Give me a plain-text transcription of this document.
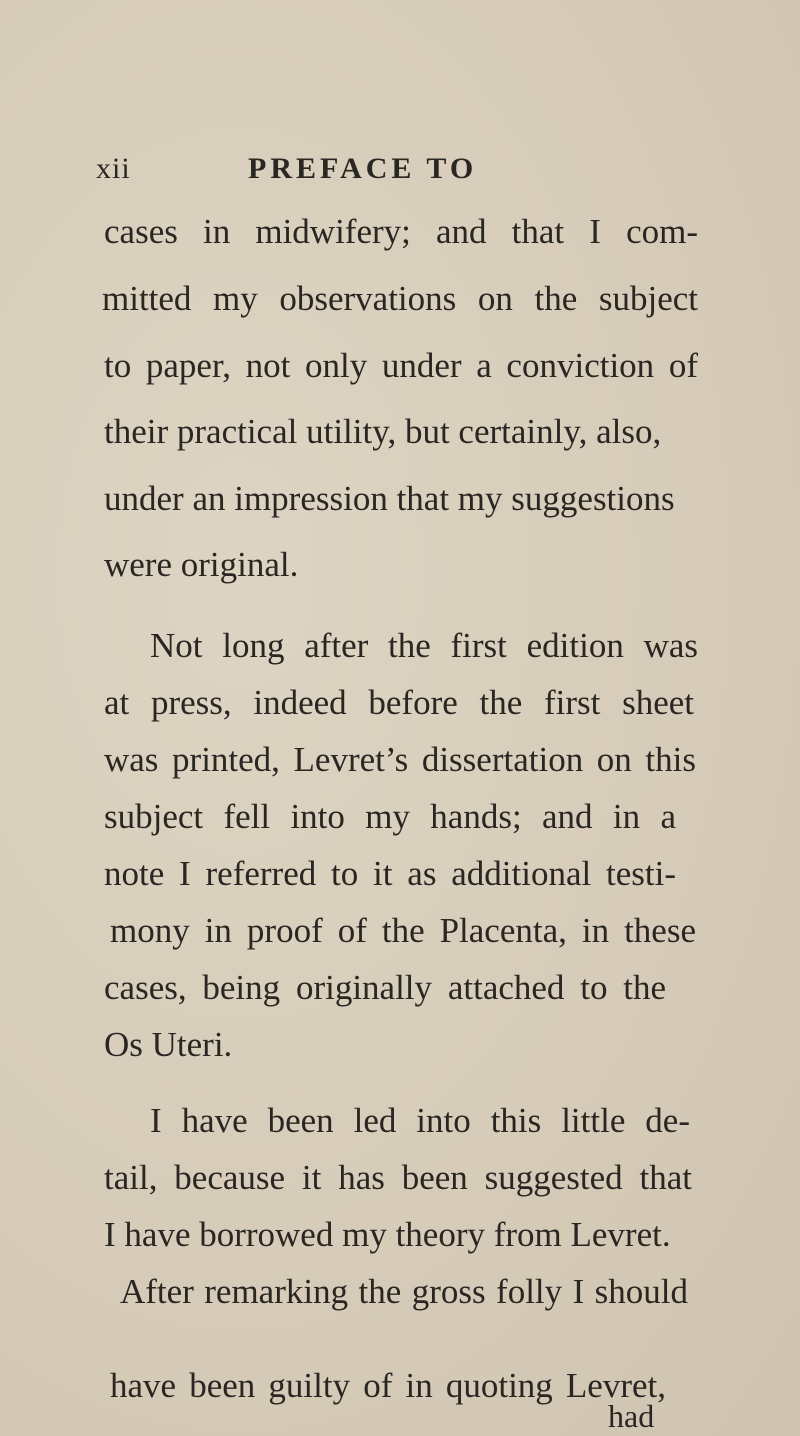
xii	PREFACE TO
cases in midwifery; and that I com-
mitted my observations on the subject
to paper, not only under a conviction of
their practical utility, but certainly, also,
under an impression that my suggestions
were original.
Not long after the first edition was
at press, indeed before the first sheet
was printed, Levret’s dissertation on this
subject fell into my hands; and in a
note I referred to it as additional testi-
mony in proof of the Placenta, in these
cases, being originally attached to the
Os Uteri.
I have been led into this little de-
tail, because it has been suggested that
I have borrowed my theory from Levret.
After remarking the gross folly I should
have been guilty of in quoting Levret,
had
